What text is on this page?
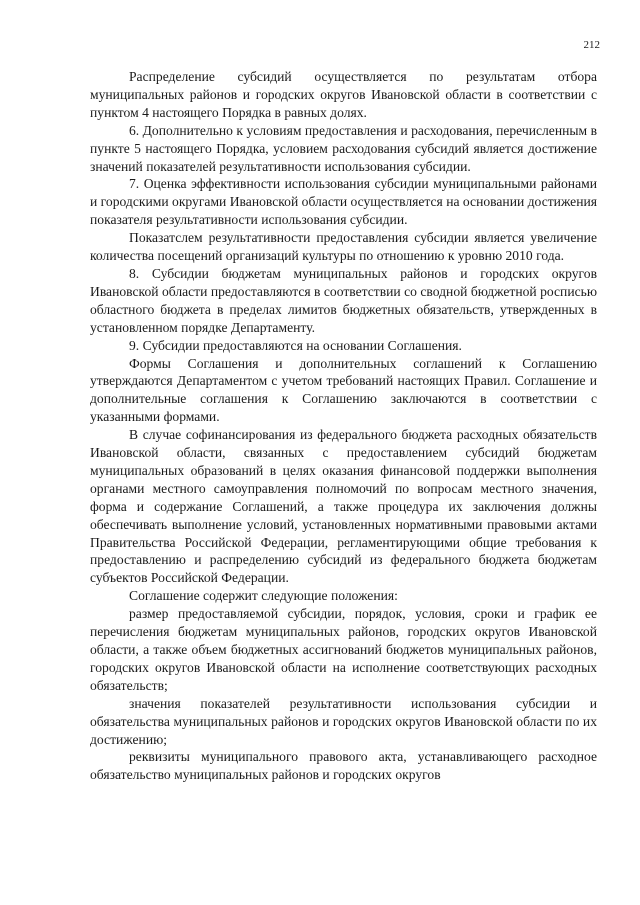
212

Распределение субсидий осуществляется по результатам отбора муниципальных районов и городских округов Ивановской области в соответствии с пунктом 4 настоящего Порядка в равных долях.

6. Дополнительно к условиям предоставления и расходования, перечисленным в пункте 5 настоящего Порядка, условием расходования субсидий является достижение значений показателей результативности использования субсидии.

7. Оценка эффективности использования субсидии муниципальными районами и городскими округами Ивановской области осуществляется на основании достижения показателя результативности использования субсидии.

Показатслем результативности предоставления субсидии является увеличение количества посещений организаций культуры по отношению к уровню 2010 года.

8. Субсидии бюджетам муниципальных районов и городских округов Ивановской области предоставляются в соответствии со сводной бюджетной росписью областного бюджета в пределах лимитов бюджетных обязательств, утвержденных в установленном порядке Департаменту.

9. Субсидии предоставляются на основании Соглашения.

Формы Соглашения и дополнительных соглашений к Соглашению утверждаются Департаментом с учетом требований настоящих Правил. Соглашение и дополнительные соглашения к Соглашению заключаются в соответствии с указанными формами.

В случае софинансирования из федерального бюджета расходных обязательств Ивановской области, связанных с предоставлением субсидий бюджетам муниципальных образований в целях оказания финансовой поддержки выполнения органами местного самоуправления полномочий по вопросам местного значения, форма и содержание Соглашений, а также процедура их заключения должны обеспечивать выполнение условий, установленных нормативными правовыми актами Правительства Российской Федерации, регламентирующими общие требования к предоставлению и распределению субсидий из федерального бюджета бюджетам субъектов Российской Федерации.

Соглашение содержит следующие положения:

размер предоставляемой субсидии, порядок, условия, сроки и график ее перечисления бюджетам муниципальных районов, городских округов Ивановской области, а также объем бюджетных ассигнований бюджетов муниципальных районов, городских округов Ивановской области на исполнение соответствующих расходных обязательств;

значения показателей результативности использования субсидии и обязательства муниципальных районов и городских округов Ивановской области по их достижению;

реквизиты муниципального правового акта, устанавливающего расходное обязательство муниципальных районов и городских округов
